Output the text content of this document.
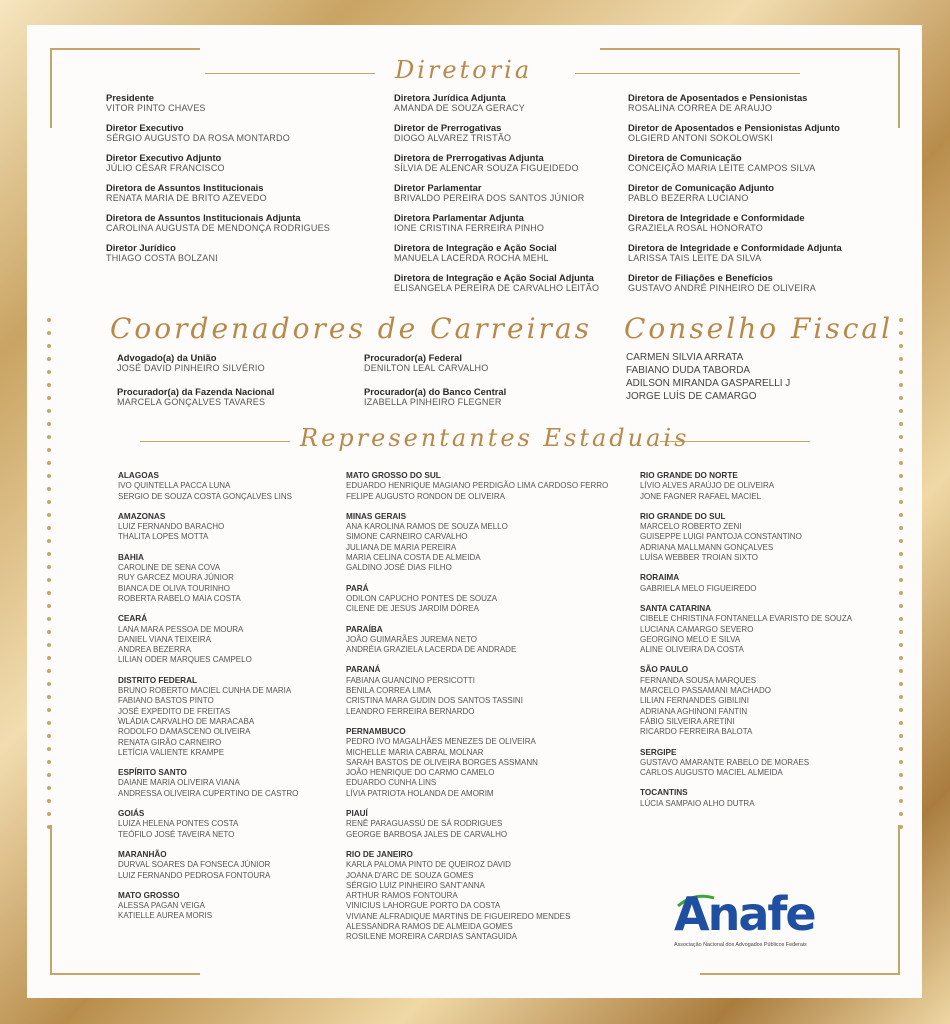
Diretoria
Presidente
VITOR PINTO CHAVES
Diretor Executivo
SÉRGIO AUGUSTO DA ROSA MONTARDO
Diretor Executivo Adjunto
JÚLIO CÉSAR FRANCISCO
Diretora de Assuntos Institucionais
RENATA MARIA DE BRITO AZEVEDO
Diretora de Assuntos Institucionais Adjunta
CAROLINA AUGUSTA DE MENDONÇA RODRIGUES
Diretor Jurídico
THIAGO COSTA BOLZANI
Diretora Jurídica Adjunta
AMANDA DE SOUZA GERACY
Diretor de Prerrogativas
DIOGO ALVAREZ TRISTÃO
Diretora de Prerrogativas Adjunta
SÍLVIA DE ALENCAR SOUZA FIGUEIDEDO
Diretor Parlamentar
BRIVALDO PEREIRA DOS SANTOS JÚNIOR
Diretora Parlamentar Adjunta
IONE CRISTINA FERREIRA PINHO
Diretora de Integração e Ação Social
MANUELA LACERDA ROCHA MEHL
Diretora de Integração e Ação Social Adjunta
ELISANGELA PEREIRA DE CARVALHO LEITÃO
Diretora de Aposentados e Pensionistas
ROSALINA CORREA DE ARAUJO
Diretor de Aposentados e Pensionistas Adjunto
OLGIERD ANTONI SOKOLOWSKI
Diretora de Comunicação
CONCEIÇÃO MARIA LEITE CAMPOS SILVA
Diretor de Comunicação Adjunto
PABLO BEZERRA LUCIANO
Diretora de Integridade e Conformidade
GRAZIELA ROSAL HONORATO
Diretora de Integridade e Conformidade Adjunta
LARISSA TAIS LEITE DA SILVA
Diretor de Filiações e Benefícios
GUSTAVO ANDRÉ PINHEIRO DE OLIVEIRA
Coordenadores de Carreiras Conselho Fiscal
Advogado(a) da União
JOSÉ DAVID PINHEIRO SILVÉRIO
Procurador(a) da Fazenda Nacional
MARCELA GONÇALVES TAVARES
Procurador(a) Federal
DENILTON LEAL CARVALHO
Procurador(a) do Banco Central
IZABELLA PINHEIRO FLEGNER
CARMEN SILVIA ARRATA
FABIANO DUDA TABORDA
ADILSON MIRANDA GASPARELLI J
JORGE LUÍS DE CAMARGO
Representantes Estaduais
ALAGOAS
IVO QUINTELLA PACCA LUNA
SERGIO DE SOUZA COSTA GONÇALVES LINS
AMAZONAS
LUIZ FERNANDO BARACHO
THALITA LOPES MOTTA
BAHIA
CAROLINE DE SENA COVA
RUY GARCEZ MOURA JÚNIOR
BIANCA DE OLIVA TOURINHO
ROBERTA RABELO MAIA COSTA
CEARÁ
LANA MARA PESSOA DE MOURA
DANIEL VIANA TEIXEIRA
ANDREA BEZERRA
LILIAN ODER MARQUES CAMPELO
DISTRITO FEDERAL
BRUNO ROBERTO MACIEL CUNHA DE MARIA
FABIANO BASTOS PINTO
JOSÉ EXPEDITO DE FREITAS
WLÁDIA CARVALHO DE MARACABA
RODOLFO DAMASCENO OLIVEIRA
RENATA GIRÃO CARNEIRO
LETÍCIA VALIENTE KRAMPE
ESPÍRITO SANTO
DAIANE MARIA OLIVEIRA VIANA
ANDRESSA OLIVEIRA CUPERTINO DE CASTRO
GOIÁS
LUIZA HELENA PONTES COSTA
TEÓFILO JOSÉ TAVEIRA NETO
MARANHÃO
DURVAL SOARES DA FONSECA JÚNIOR
LUIZ FERNANDO PEDROSA FONTOURA
MATO GROSSO
ALESSA PAGAN VEIGA
KATIELLE AUREA MORIS
MATO GROSSO DO SUL
EDUARDO HENRIQUE MAGIANO PERDIGÃO LIMA CARDOSO FERRO
FELIPE AUGUSTO RONDON DE OLIVEIRA
MINAS GERAIS
ANA KAROLINA RAMOS DE SOUZA MELLO
SIMONE CARNEIRO CARVALHO
JULIANA DE MARIA PEREIRA
MARIA CELINA COSTA DE ALMEIDA
GALDINO JOSÉ DIAS FILHO
PARÁ
ODILON CAPUCHO PONTES DE SOUZA
CILENE DE JESUS JARDIM DÓREA
PARAÍBA
JOÃO GUIMARÃES JUREMA NETO
ANDRÉIA GRAZIELA LACERDA DE ANDRADE
PARANÁ
FABIANA GUANCINO PERSICOTTI
BENILA CORREA LIMA
CRISTINA MARA GUDIN DOS SANTOS TASSINI
LEANDRO FERREIRA BERNARDO
PERNAMBUCO
PEDRO IVO MAGALHÃES MENEZES DE OLIVEIRA
MICHELLE MARIA CABRAL MOLNAR
SARAH BASTOS DE OLIVEIRA BORGES ASSMANN
JOÃO HENRIQUE DO CARMO CAMELO
EDUARDO CUNHA LINS
LÍVIA PATRIOTA HOLANDA DE AMORIM
PIAUÍ
RENÊ PARAGUASSÚ DE SÁ RODRIGUES
GEORGE BARBOSA JALES DE CARVALHO
RIO DE JANEIRO
KARLA PALOMA PINTO DE QUEIROZ DAVID
JOANA D'ARC DE SOUZA GOMES
SÉRGIO LUIZ PINHEIRO SANT'ANNA
ARTHUR RAMOS FONTOURA
VINICIUS LAHORGUE PORTO DA COSTA
VIVIANE ALFRADIQUE MARTINS DE FIGUEIREDO MENDES
ALESSANDRA RAMOS DE ALMEIDA GOMES
ROSILENE MOREIRA CARDIAS SANTAGUIDA
RIO GRANDE DO NORTE
LÍVIO ALVES ARAÚJO DE OLIVEIRA
JONE FAGNER RAFAEL MACIEL
RIO GRANDE DO SUL
MARCELO ROBERTO ZENI
GUISEPPE LUIGI PANTOJA CONSTANTINO
ADRIANA MALLMANN GONÇALVES
LUÍSA WEBBER TROIAN SIXTO
RORAIMA
GABRIELA MELO FIGUEIREDO
SANTA CATARINA
CIBELE CHRISTINA FONTANELLA EVARISTO DE SOUZA
LUCIANA CAMARGO SEVERO
GEORGINO MELO E SILVA
ALINE OLIVEIRA DA COSTA
SÃO PAULO
FERNANDA SOUSA MARQUES
MARCELO PASSAMANI MACHADO
LILIAN FERNANDES GIBILINI
ADRIANA AGHINONI FANTIN
FÁBIO SILVEIRA ARETINI
RICARDO FERREIRA BALOTA
SERGIPE
GUSTAVO AMARANTE RABELO DE MORAES
CARLOS AUGUSTO MACIEL ALMEIDA
TOCANTINS
LÚCIA SAMPAIO ALHO DUTRA
Anafe
Associação Nacional dos Advogados Públicos Federais
